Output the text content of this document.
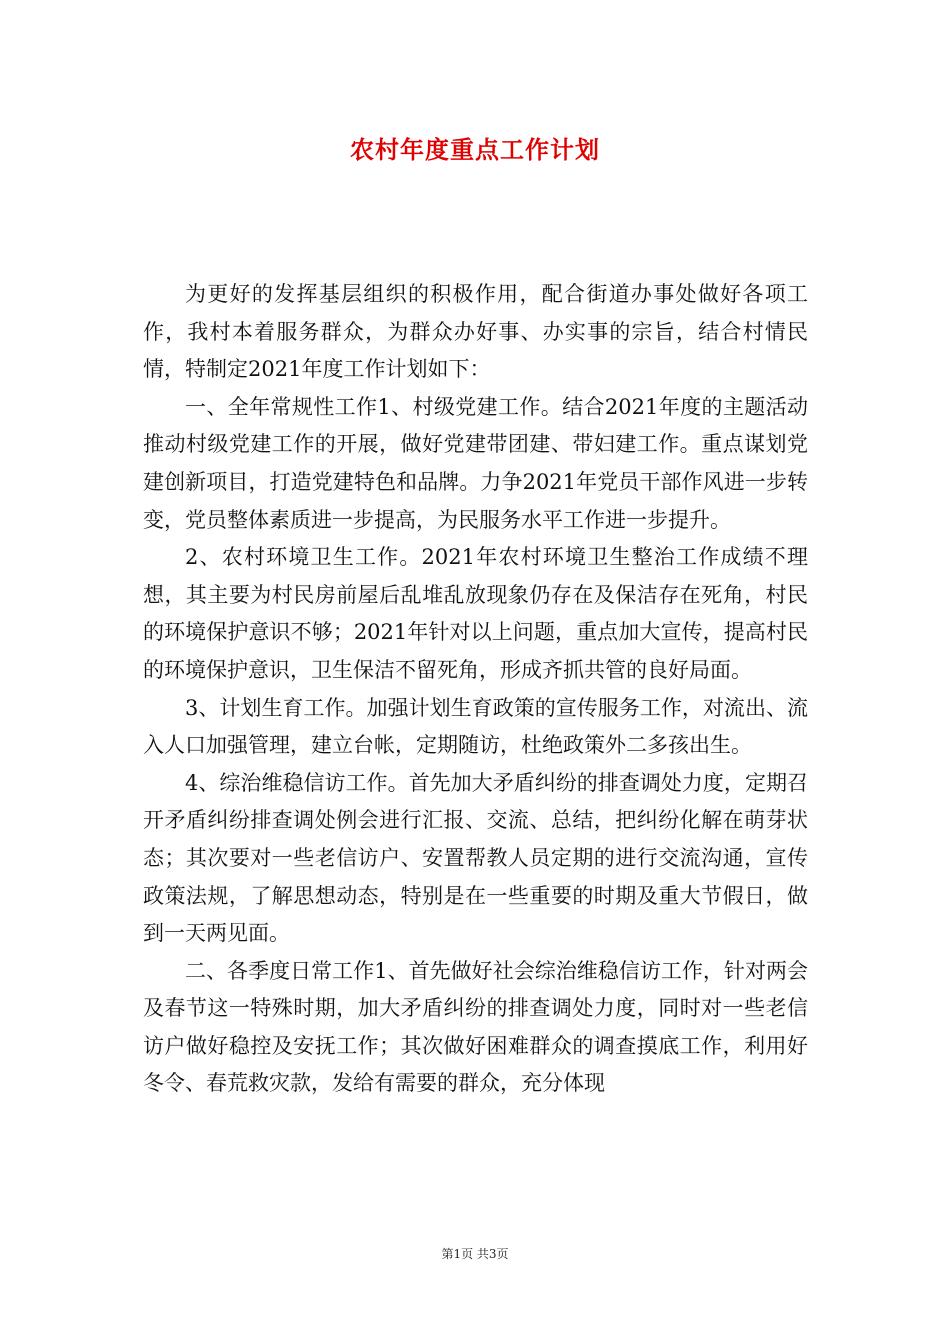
农村年度重点工作计划

为更好的发挥基层组织的积极作用，配合街道办事处做好各项工作，我村本着服务群众，为群众办好事、办实事的宗旨，结合村情民情，特制定2021年度工作计划如下：

一、全年常规性工作1、村级党建工作。结合2021年度的主题活动推动村级党建工作的开展，做好党建带团建、带妇建工作。重点谋划党建创新项目，打造党建特色和品牌。力争2021年党员干部作风进一步转变，党员整体素质进一步提高，为民服务水平工作进一步提升。

2、农村环境卫生工作。2021年农村环境卫生整治工作成绩不理想，其主要为村民房前屋后乱堆乱放现象仍存在及保洁存在死角，村民的环境保护意识不够；2021年针对以上问题，重点加大宣传，提高村民的环境保护意识，卫生保洁不留死角，形成齐抓共管的良好局面。

3、计划生育工作。加强计划生育政策的宣传服务工作，对流出、流入人口加强管理，建立台帐，定期随访，杜绝政策外二多孩出生。

4、综治维稳信访工作。首先加大矛盾纠纷的排查调处力度，定期召开矛盾纠纷排查调处例会进行汇报、交流、总结，把纠纷化解在萌芽状态；其次要对一些老信访户、安置帮教人员定期的进行交流沟通，宣传政策法规，了解思想动态，特别是在一些重要的时期及重大节假日，做到一天两见面。

二、各季度日常工作1、首先做好社会综治维稳信访工作，针对两会及春节这一特殊时期，加大矛盾纠纷的排查调处力度，同时对一些老信访户做好稳控及安抚工作；其次做好困难群众的调查摸底工作，利用好冬令、春荒救灾款，发给有需要的群众，充分体现

第1页 共3页
